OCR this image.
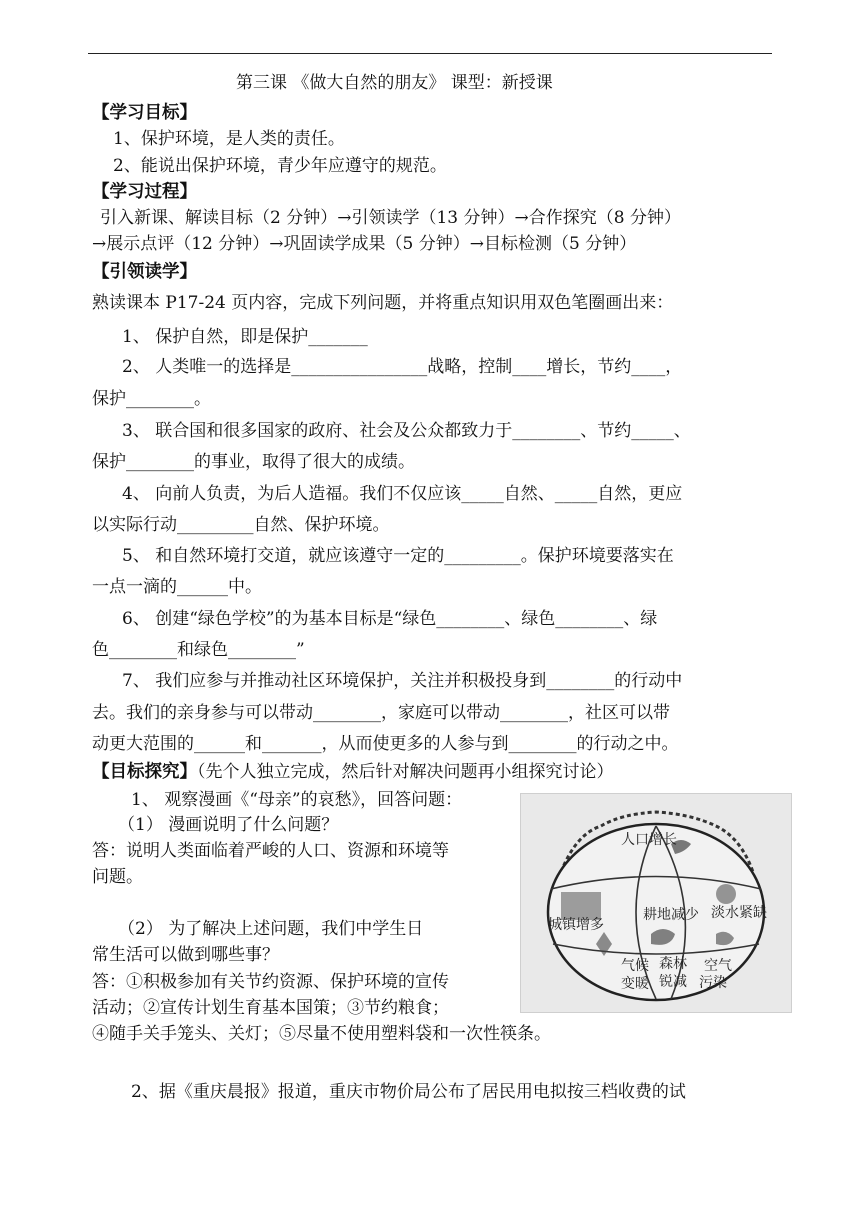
第三课 《做大自然的朋友》 课型：新授课
【学习目标】
1、保护环境，是人类的责任。
2、能说出保护环境，青少年应遵守的规范。
【学习过程】
引入新课、解读目标（2 分钟）→引领读学（13 分钟）→合作探究（8 分钟）
→展示点评（12 分钟）→巩固读学成果（5 分钟）→目标检测（5 分钟）
【引领读学】
熟读课本 P17-24 页内容，完成下列问题，并将重点知识用双色笔圈画出来：
1、 保护自然，即是保护_______
2、 人类唯一的选择是________________战略，控制____增长，节约____，
保护________。
3、 联合国和很多国家的政府、社会及公众都致力于________、节约_____、
保护________的事业，取得了很大的成绩。
4、 向前人负责，为后人造福。我们不仅应该_____自然、_____自然，更应
以实际行动_________自然、保护环境。
5、 和自然环境打交道，就应该遵守一定的_________。保护环境要落实在
一点一滴的______中。
6、 创建“绿色学校”的为基本目标是“绿色________、绿色________、绿
色________和绿色________”
7、 我们应参与并推动社区环境保护，关注并积极投身到________的行动中
去。我们的亲身参与可以带动________，家庭可以带动________，社区可以带
动更大范围的______和_______，从而使更多的人参与到________的行动之中。
【目标探究】（先个人独立完成，然后针对解决问题再小组探究讨论）
1、 观察漫画《“母亲”的哀愁》，回答问题：
（1） 漫画说明了什么问题？
答：说明人类面临着严峻的人口、资源和环境等
问题。
（2） 为了解决上述问题，我们中学生日
常生活可以做到哪些事？
答：①积极参加有关节约资源、保护环境的宣传
活动；②宣传计划生育基本国策；③节约粮食；
④随手关手笼头、关灯；⑤尽量不使用塑料袋和一次性筷条。
2、据《重庆晨报》报道，重庆市物价局公布了居民用电拟按三档收费的试
人口增长
城镇增多
耕地减少 淡水紧缺
气候
变暖
森林
锐减
空气
污染
